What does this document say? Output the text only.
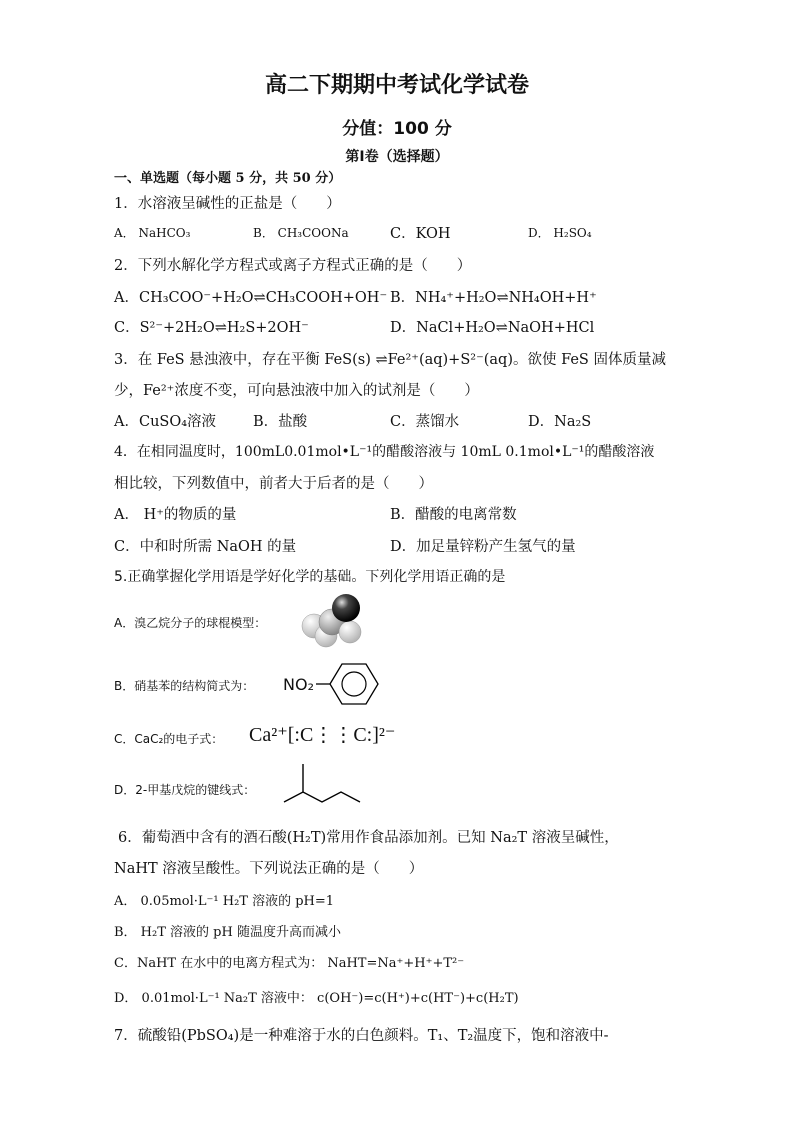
高二下期期中考试化学试卷
分值：100 分
第Ⅰ卷（选择题）
一、单选题（每小题 5 分，共 50 分）
1．水溶液呈碱性的正盐是（　　）
A． NaHCO₃	B． CH₃COONa	C．KOH	D． H₂SO₄
2．下列水解化学方程式或离子方程式正确的是（　　）
A．CH₃COO⁻+H₂O⇌CH₃COOH+OH⁻ B．NH₄⁺+H₂O⇌NH₄OH+H⁺
C．S²⁻+2H₂O⇌H₂S+2OH⁻	D．NaCl+H₂O⇌NaOH+HCl
3．在 FeS 悬浊液中，存在平衡 FeS(s) ⇌Fe²⁺(aq)+S²⁻(aq)。欲使 FeS 固体质量减
少，Fe²⁺浓度不变，可向悬浊液中加入的试剂是（　　）
A．CuSO₄溶液	B．盐酸	C．蒸馏水	D．Na₂S
4．在相同温度时，100mL0.01mol•L⁻¹的醋酸溶液与 10mL 0.1mol•L⁻¹的醋酸溶液
相比较，下列数值中，前者大于后者的是（　　）
A． H⁺的物质的量	B．醋酸的电离常数
C．中和时所需 NaOH 的量	D．加足量锌粉产生氢气的量
5.正确掌握化学用语是学好化学的基础。下列化学用语正确的是
A．溴乙烷分子的球棍模型：
B．硝基苯的结构简式为： NO₂
C．CaC₂的电子式： Ca²⁺[:C⋮⋮C:]²⁻
D．2-甲基戊烷的键线式：
6．葡萄酒中含有的酒石酸(H₂T)常用作食品添加剂。已知 Na₂T 溶液呈碱性，
NaHT 溶液呈酸性。下列说法正确的是（　　）
A． 0.05mol·L⁻¹ H₂T 溶液的 pH=1
B． H₂T 溶液的 pH 随温度升高而减小
C．NaHT 在水中的电离方程式为： NaHT=Na⁺+H⁺+T²⁻
D． 0.01mol·L⁻¹ Na₂T 溶液中： c(OH⁻)=c(H⁺)+c(HT⁻)+c(H₂T)
7．硫酸铅(PbSO₄)是一种难溶于水的白色颜料。T₁、T₂温度下，饱和溶液中-
